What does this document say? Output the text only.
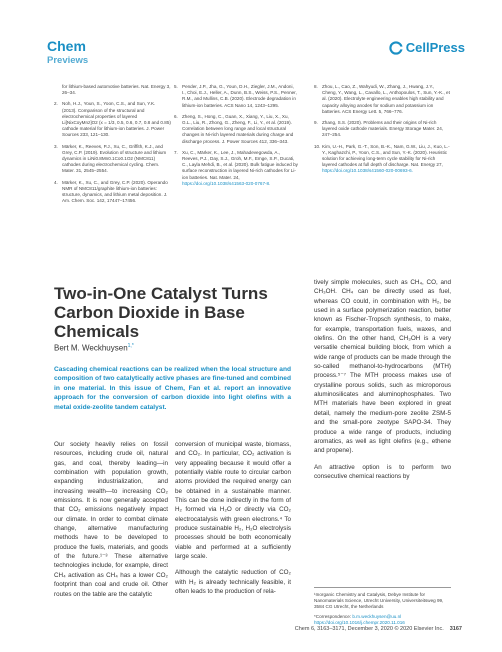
Chem
Previews
CellPress
for lithium-based automotive batteries. Nat. Energy 3, 26–34.
2. Noh, H.J., Youn, S., Yoon, C.S., and Sun, Y.K. (2013). Comparison of the structural and electrochemical properties of layered Li[NixCoyMnz]O2 (x = 1/3, 0.5, 0.6, 0.7, 0.8 and 0.85) cathode material for lithium-ion batteries. J. Power Sources 233, 121–130.
3. Märker, K., Reeves, P.J., Xu, C., Griffith, K.J., and Grey, C.P. (2019). Evolution of structure and lithium dynamics in LiNi0.8Mn0.1Co0.1O2 (NMC811) cathodes during electrochemical cycling. Chem. Mater. 31, 2545–2554.
4. Märker, K., Xu, C., and Grey, C.P. (2020). Operando NMR of NMC811/graphite lithium-ion batteries: structure, dynamics, and lithium metal deposition. J. Am. Chem. Soc. 142, 17447–17456.
5. Pender, J.P., Jha, G., Youn, D.H., Ziegler, J.M., Andoni, I., Choi, E.J., Heller, A., Dunn, B.S., Weiss, P.S., Penner, R.M., and Mullins, C.B. (2020). Electrode degradation in lithium-ion batteries. ACS Nano 14, 1243–1295.
6. Zheng, S., Hong, C., Guan, X., Xiang, Y., Liu, X., Xu, G.L., Liu, R., Zhong, G., Zheng, F., Li, Y., et al. (2019). Correlation between long range and local structural changes in Ni-rich layered materials during charge and discharge process. J. Power Sources 412, 336–343.
7. Xu, C., Märker, K., Lee, J., Mahadevegowda, A., Reeves, P.J., Day, S.J., Groh, M.F., Emge, S.P., Ducati, C., Layla Mehdi, B., et al. (2020). Bulk fatigue induced by surface reconstruction in layered Ni-rich cathodes for Li-ion batteries. Nat. Mater. 24, https://doi.org/10.1038/s41563-020-0767-8.
8. Zhou, L., Cao, Z., Wahyudi, W., Zhang, J., Hwang, J.Y., Cheng, Y., Wang, L., Cavallo, L., Anthopoulos, T., Sun, Y.-K., et al. (2020). Electrolyte engineering enables high stability and capacity alloying anodes for sodium and potassium ion batteries. ACS Energy Lett. 5, 766–776.
9. Zhang, S.S. (2020). Problems and their origins of Ni-rich layered oxide cathode materials. Energy Storage Mater. 24, 247–254.
10. Kim, U.-H., Park, G.-T., Son, B.-K., Nam, G.W., Liu, J., Kuo, L.-Y., Kaghazchi, P., Yoon, C.S., and Sun, Y.-K. (2020). Heuristic solution for achieving long-term cycle stability for Ni-rich layered cathodes at full depth of discharge. Nat. Energy 27, https://doi.org/10.1038/s41560-020-00693-6.
Two-in-One Catalyst Turns Carbon Dioxide in Base Chemicals
Bert M. Weckhuysen$^{1,*}$
Cascading chemical reactions can be realized when the local structure and composition of two catalytically active phases are fine-tuned and combined in one material. In this issue of Chem, Fan et al. report an innovative approach for the conversion of carbon dioxide into light olefins with a metal oxide-zeolite tandem catalyst.

Our society heavily relies on fossil resources, including crude oil, natural gas, and coal, thereby leading—in combination with population growth, expanding industrialization, and increasing wealth—to increasing CO₂ emissions. It is now generally accepted that CO₂ emissions negatively impact our climate. In order to combat climate change, alternative manufacturing methods have to be developed to produce the fuels, materials, and goods of the future.¹⁻³ These alternative technologies include, for example, direct CH₄ activation as CH₄ has a lower CO₂ footprint than coal and crude oil. Other routes on the table are the catalytic

conversion of municipal waste, biomass, and CO₂. In particular, CO₂ activation is very appealing because it would offer a potentially viable route to circular carbon atoms provided the required energy can be obtained in a sustainable manner. This can be done indirectly in the form of H₂ formed via H₂O or directly via CO₂ electrocatalysis with green electrons.⁴ To produce sustainable H₂, H₂O electrolysis processes should be both economically viable and performed at a sufficiently large scale.

Although the catalytic reduction of CO₂ with H₂ is already technically feasible, it often leads to the production of rela-

tively simple molecules, such as CH₄, CO, and CH₃OH. CH₄ can be directly used as fuel, whereas CO could, in combination with H₂, be used in a surface polymerization reaction, better known as Fischer-Tropsch synthesis, to make, for example, transportation fuels, waxes, and olefins. On the other hand, CH₃OH is a very versatile chemical building block, from which a wide range of products can be made through the so-called methanol-to-hydrocarbons (MTH) process.⁵⁻⁷ The MTH process makes use of crystalline porous solids, such as microporous aluminosilicates and aluminophosphates. Two MTH materials have been explored in great detail, namely the medium-pore zeolite ZSM-5 and the small-pore zeotype SAPO-34. They produce a wide range of products, including aromatics, as well as light olefins (e.g., ethene and propene).

An attractive option is to perform two consecutive chemical reactions by

¹Inorganic Chemistry and Catalysis, Debye Institute for Nanomaterials Science, Utrecht University, Universiteitsweg 99, 3584 CG Utrecht, the Netherlands
*Correspondence: b.m.weckhuysen@uu.nl
https://doi.org/10.1016/j.chempr.2020.11.016
Chem 6, 3163–3171, December 3, 2020 © 2020 Elsevier Inc. 3167
